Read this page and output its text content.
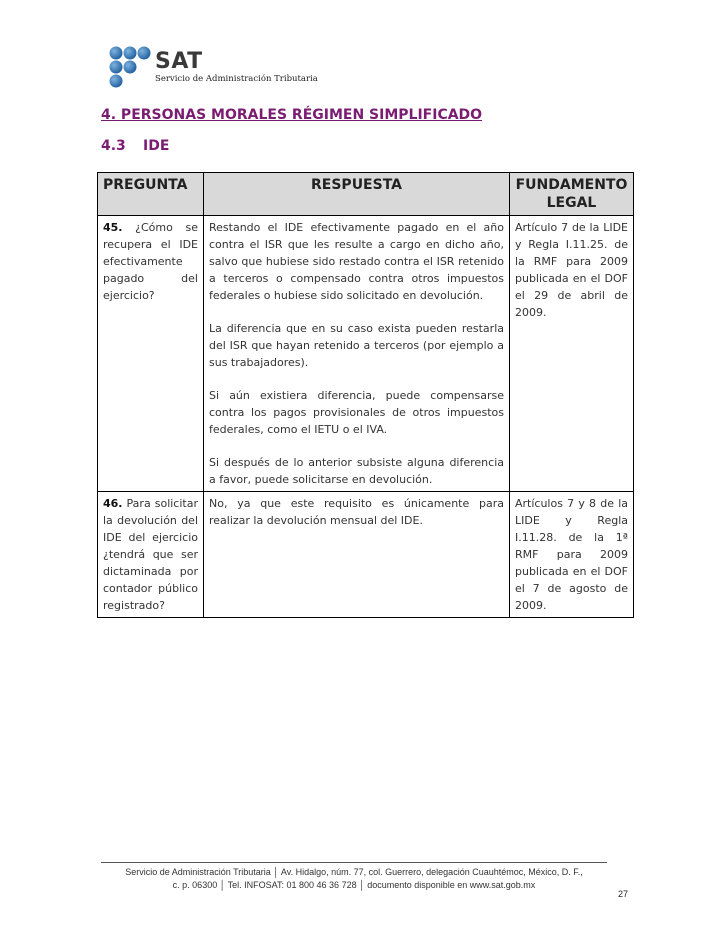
SAT
Servicio de Administración Tributaria
4. PERSONAS MORALES RÉGIMEN SIMPLIFICADO
4.3 IDE
PREGUNTA	RESPUESTA	FUNDAMENTO LEGAL
45. ¿Cómo se recupera el IDE efectivamente pagado del ejercicio?	Restando el IDE efectivamente pagado en el año contra el ISR que les resulte a cargo en dicho año, salvo que hubiese sido restado contra el ISR retenido a terceros o compensado contra otros impuestos federales o hubiese sido solicitado en devolución.

La diferencia que en su caso exista pueden restarla del ISR que hayan retenido a terceros (por ejemplo a sus trabajadores).

Si aún existiera diferencia, puede compensarse contra los pagos provisionales de otros impuestos federales, como el IETU o el IVA.

Si después de lo anterior subsiste alguna diferencia a favor, puede solicitarse en devolución.	Artículo 7 de la LIDE y Regla I.11.25. de la RMF para 2009 publicada en el DOF el 29 de abril de 2009.
46. Para solicitar la devolución del IDE del ejercicio ¿tendrá que ser dictaminada por contador público registrado?	No, ya que este requisito es únicamente para realizar la devolución mensual del IDE.	Artículos 7 y 8 de la LIDE y Regla I.11.28. de la 1ª RMF para 2009 publicada en el DOF el 7 de agosto de 2009.
Servicio de Administración Tributaria │ Av. Hidalgo, núm. 77, col. Guerrero, delegación Cuauhtémoc, México, D. F.,
c. p. 06300 │ Tel. INFOSAT: 01 800 46 36 728 │ documento disponible en www.sat.gob.mx
27
